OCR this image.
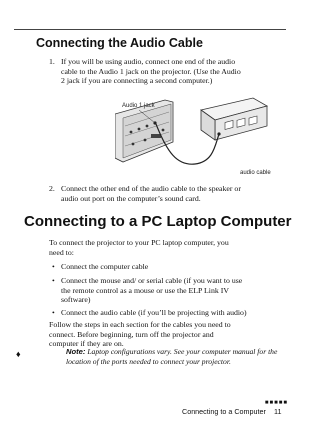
Connecting the Audio Cable
1. If you will be using audio, connect one end of the audio
cable to the Audio 1 jack on the projector. (Use the Audio
2 jack if you are connecting a second computer.)
Audio 1 jack
audio cable
2. Connect the other end of the audio cable to the speaker or
audio out port on the computer’s sound card.
Connecting to a PC Laptop Computer
To connect the projector to your PC laptop computer, you
need to:
• Connect the computer cable
• Connect the mouse and/ or serial cable (if you want to use
the remote control as a mouse or use the ELP Link IV
software)
• Connect the audio cable (if you’ll be projecting with audio)
Follow the steps in each section for the cables you need to
connect. Before beginning, turn off the projector and
computer if they are on.
♦	Note: Laptop configurations vary. See your computer manual for the location of the ports needed to connect your projector.
■■■■■
Connecting to a Computer 11
